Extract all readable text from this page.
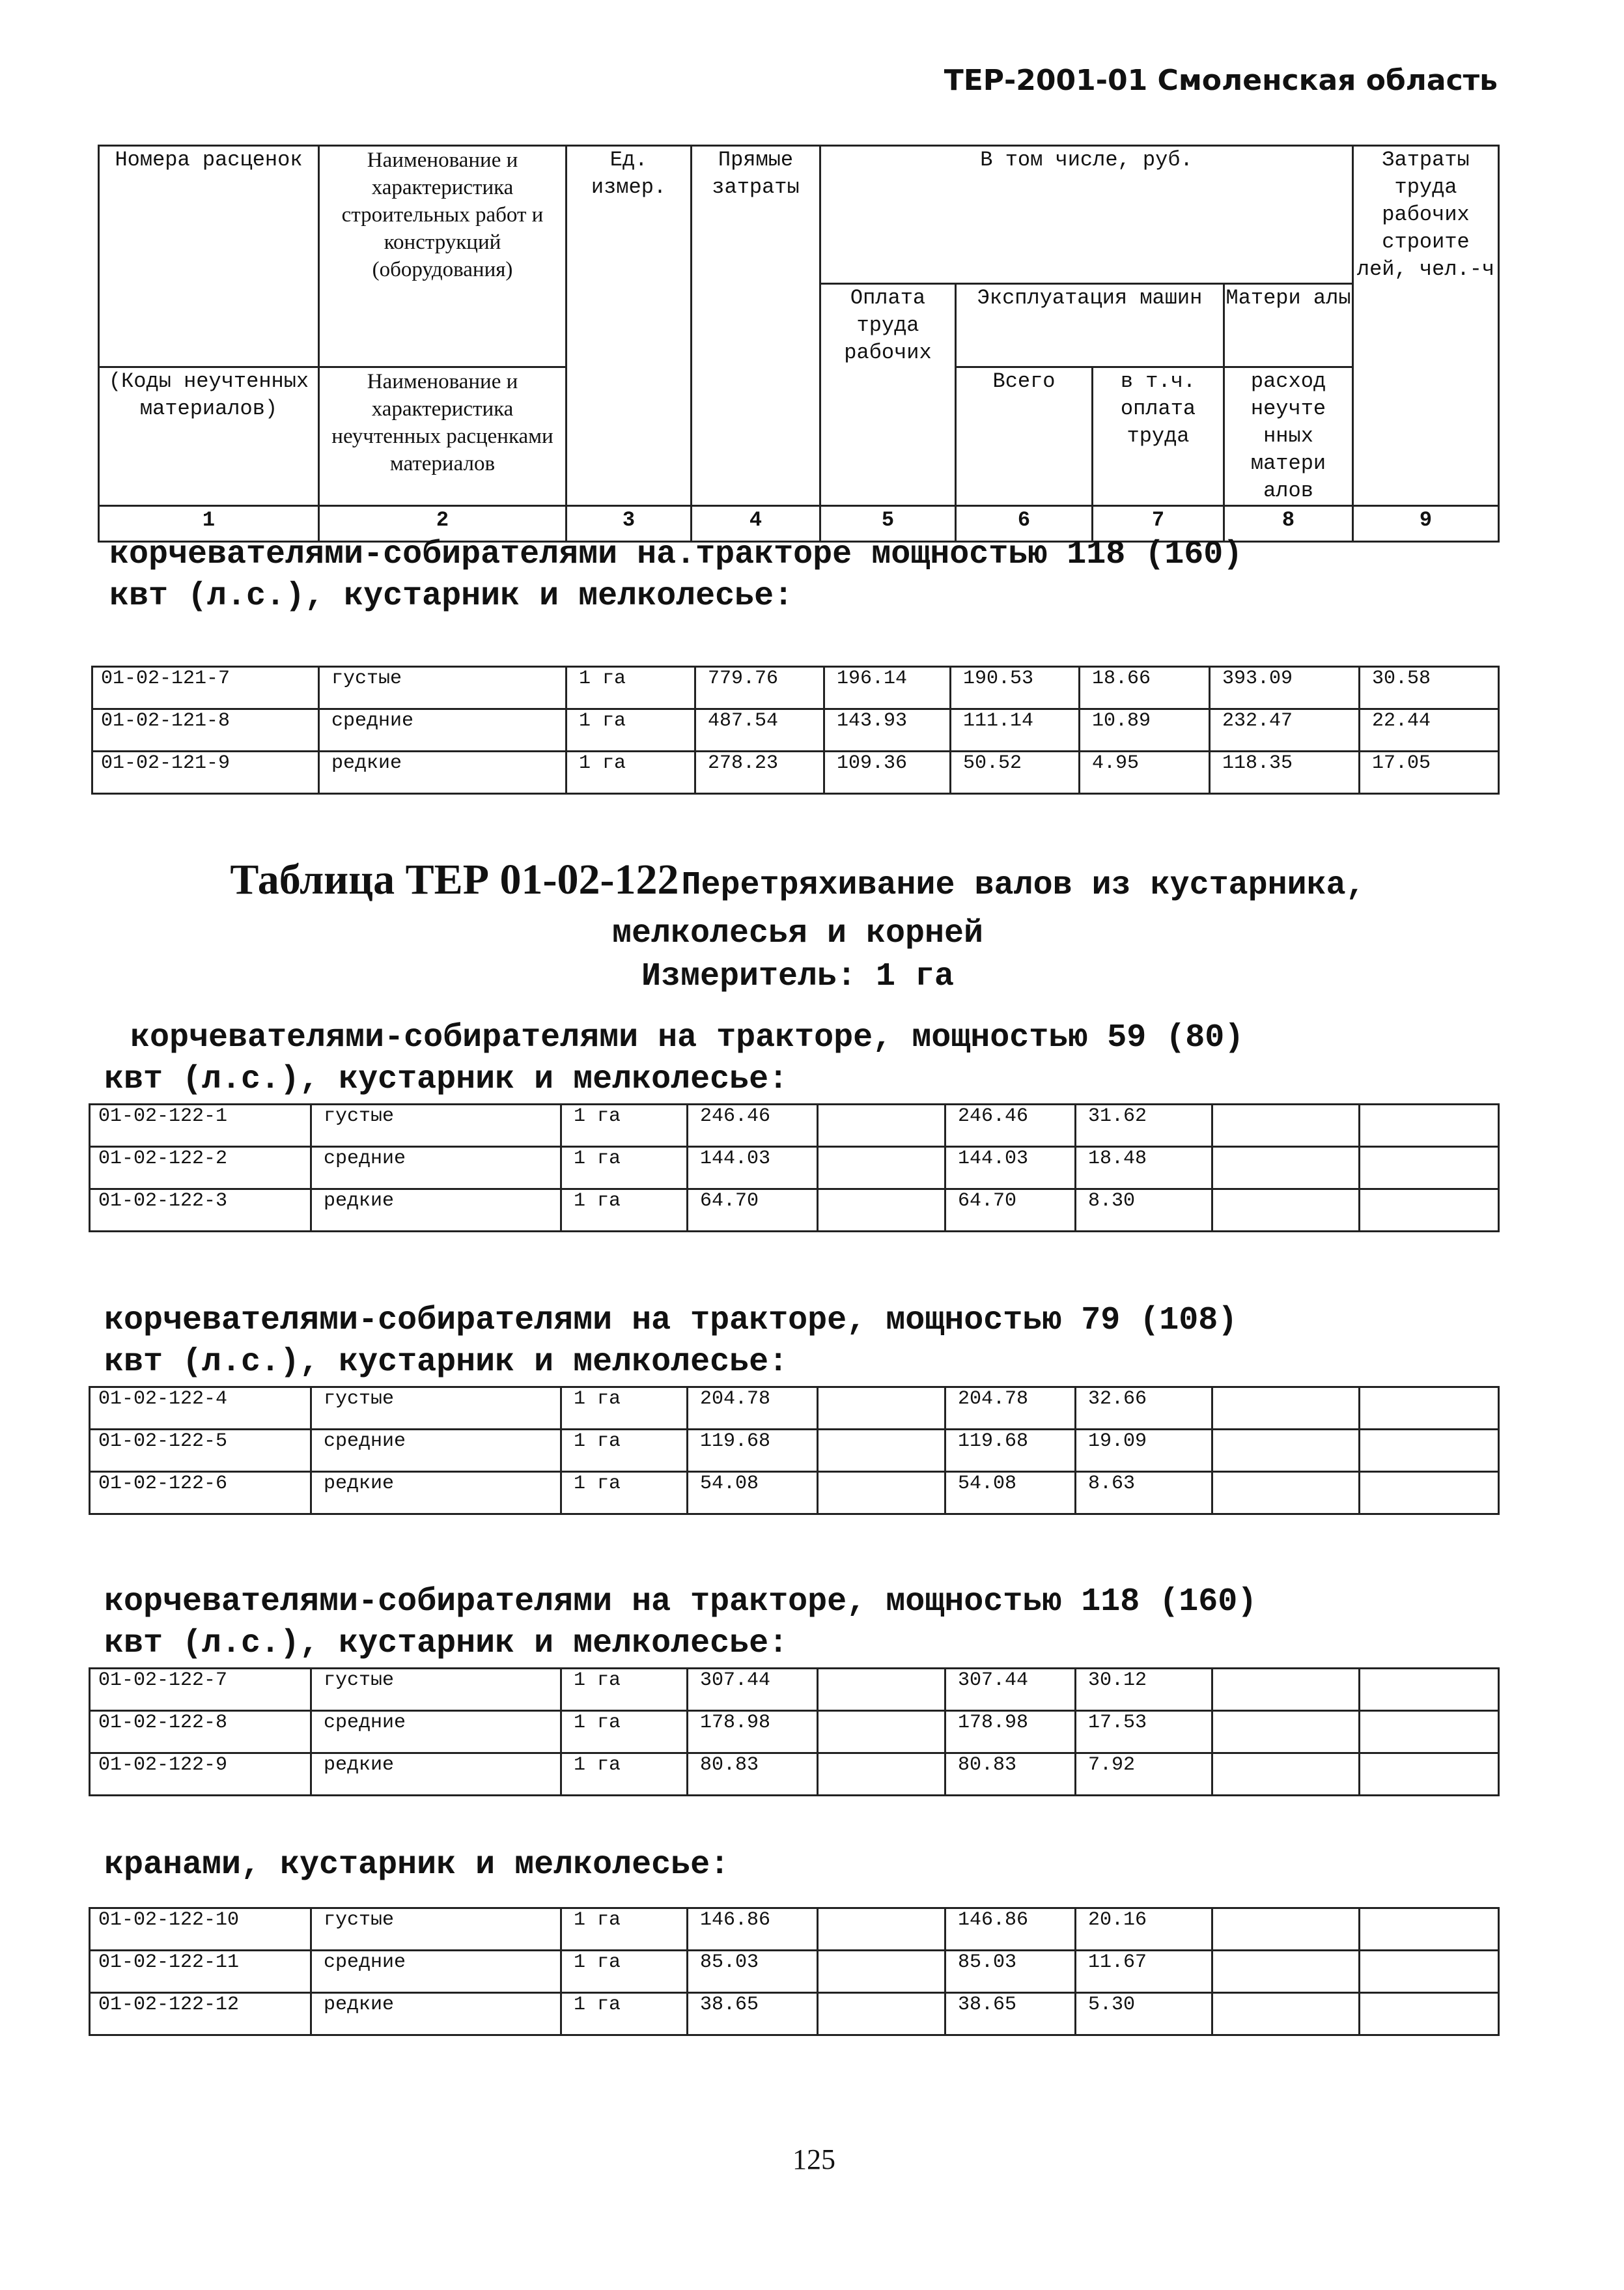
ТЕР-2001-01 Смоленская область
Номера расценок	Наименование и характеристика строительных работ и конструкций (оборудования)	Ед. измер.	Прямые затраты	В том числе, руб.				Затраты труда рабочих строите лей, чел.-ч
				Оплата труда рабочих	Эксплуатация машин		Матери алы	
(Коды неучтенных материалов)	Наименование и характеристика неучтенных расценками материалов				Всего	в т.ч. оплата труда	расход неучте нных матери алов	
1	2	3	4	5	6	7	8	9
корчевателями-собирателями на.тракторе мощностью 118 (160)
квт (л.с.), кустарник и мелколесье:
01-02-121-7	густые	1 га	779.76	196.14	190.53	18.66	393.09	30.58
01-02-121-8	средние	1 га	487.54	143.93	111.14	10.89	232.47	22.44
01-02-121-9	редкие	1 га	278.23	109.36	50.52	4.95	118.35	17.05
Таблица ТЕР 01-02-122 Перетряхивание валов из кустарника,
мелколесья и корней
Измеритель: 1 га
корчевателями-собирателями на тракторе, мощностью 59 (80)
квт (л.с.), кустарник и мелколесье:
01-02-122-1	густые	1 га	246.46		246.46	31.62		
01-02-122-2	средние	1 га	144.03		144.03	18.48		
01-02-122-3	редкие	1 га	64.70		64.70	8.30		
корчевателями-собирателями на тракторе, мощностью 79 (108)
квт (л.с.), кустарник и мелколесье:
01-02-122-4	густые	1 га	204.78		204.78	32.66		
01-02-122-5	средние	1 га	119.68		119.68	19.09		
01-02-122-6	редкие	1 га	54.08		54.08	8.63		
корчевателями-собирателями на тракторе, мощностью 118 (160)
квт (л.с.), кустарник и мелколесье:
01-02-122-7	густые	1 га	307.44		307.44	30.12		
01-02-122-8	средние	1 га	178.98		178.98	17.53		
01-02-122-9	редкие	1 га	80.83		80.83	7.92		
кранами, кустарник и мелколесье:
01-02-122-10	густые	1 га	146.86		146.86	20.16		
01-02-122-11	средние	1 га	85.03		85.03	11.67		
01-02-122-12	редкие	1 га	38.65		38.65	5.30		
125
